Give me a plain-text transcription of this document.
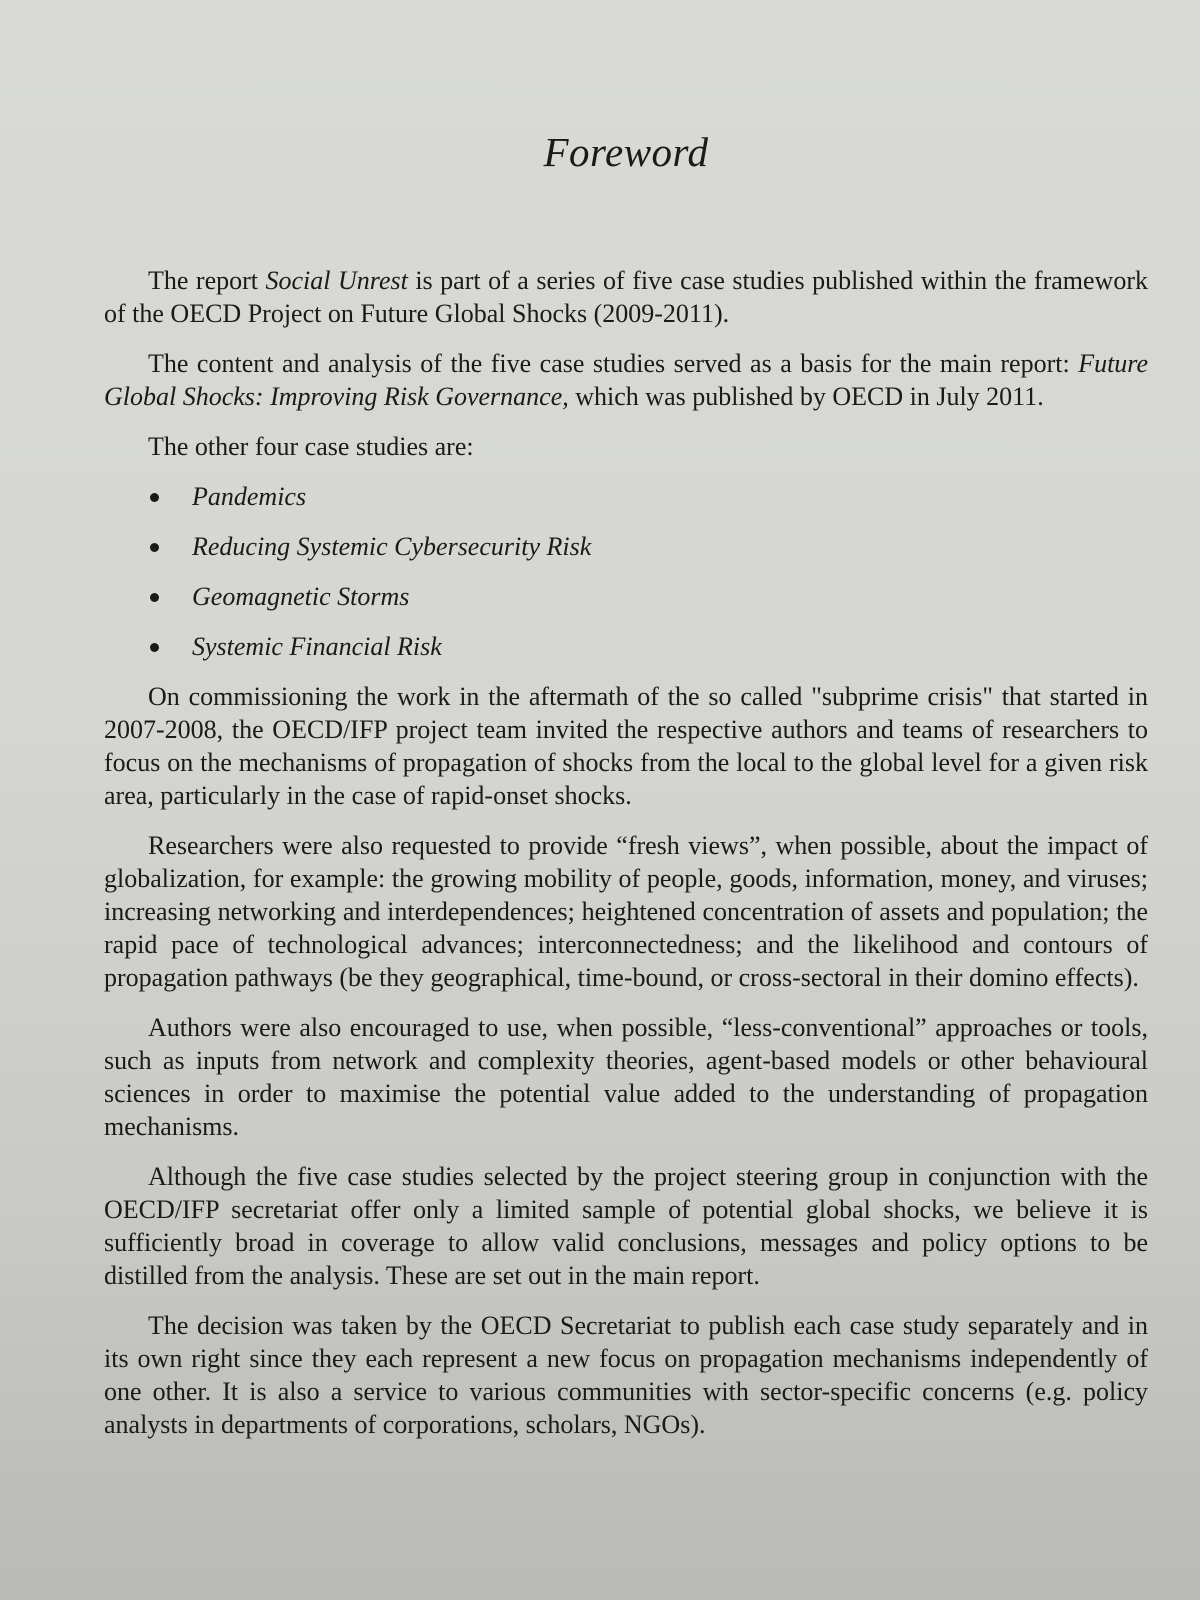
Foreword

The report Social Unrest is part of a series of five case studies published within the framework of the OECD Project on Future Global Shocks (2009-2011).

The content and analysis of the five case studies served as a basis for the main report: Future Global Shocks: Improving Risk Governance, which was published by OECD in July 2011.

The other four case studies are:
Pandemics
Reducing Systemic Cybersecurity Risk
Geomagnetic Storms
Systemic Financial Risk

On commissioning the work in the aftermath of the so called "subprime crisis" that started in 2007-2008, the OECD/IFP project team invited the respective authors and teams of researchers to focus on the mechanisms of propagation of shocks from the local to the global level for a given risk area, particularly in the case of rapid-onset shocks.

Researchers were also requested to provide “fresh views”, when possible, about the impact of globalization, for example: the growing mobility of people, goods, information, money, and viruses; increasing networking and interdependences; heightened concentration of assets and population; the rapid pace of technological advances; interconnectedness; and the likelihood and contours of propagation pathways (be they geographical, time-bound, or cross-sectoral in their domino effects).

Authors were also encouraged to use, when possible, “less-conventional” approaches or tools, such as inputs from network and complexity theories, agent-based models or other behavioural sciences in order to maximise the potential value added to the understanding of propagation mechanisms.

Although the five case studies selected by the project steering group in conjunction with the OECD/IFP secretariat offer only a limited sample of potential global shocks, we believe it is sufficiently broad in coverage to allow valid conclusions, messages and policy options to be distilled from the analysis. These are set out in the main report.

The decision was taken by the OECD Secretariat to publish each case study separately and in its own right since they each represent a new focus on propagation mechanisms independently of one other. It is also a service to various communities with sector-specific concerns (e.g. policy analysts in departments of corporations, scholars, NGOs).
